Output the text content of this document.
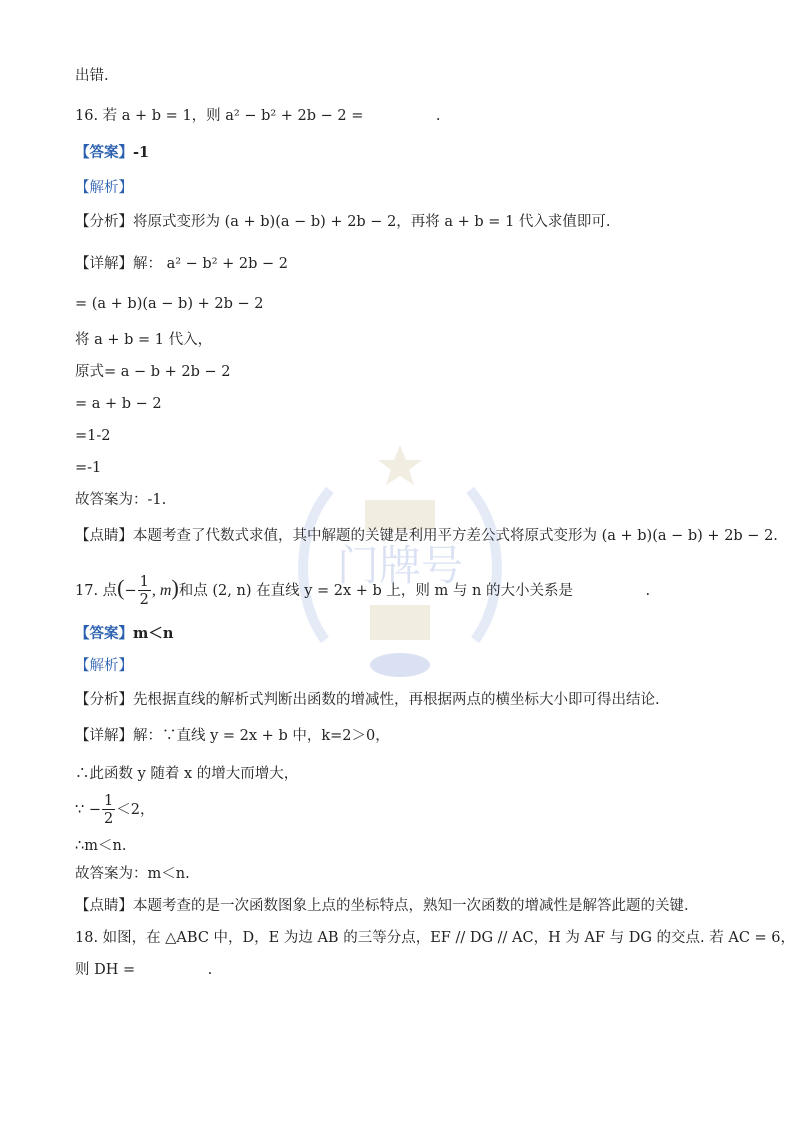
门牌号
出错.
16. 若 a + b = 1，则 a² − b² + 2b − 2 =　　　　　.
【答案】-1
【解析】
【分析】将原式变形为 (a + b)(a − b) + 2b − 2，再将 a + b = 1 代入求值即可.
【详解】解： a² − b² + 2b − 2
= (a + b)(a − b) + 2b − 2
将 a + b = 1 代入，
原式= a − b + 2b − 2
= a + b − 2
=1-2
=-1
故答案为：-1.
【点睛】本题考查了代数式求值，其中解题的关键是利用平方差公式将原式变形为 (a + b)(a − b) + 2b − 2.
17. 点(− $\frac{1}{2}$ , m)和点 (2, n) 在直线 y = 2x + b 上，则 m 与 n 的大小关系是　　　　　.
【答案】m＜n
【解析】
【分析】先根据直线的解析式判断出函数的增减性，再根据两点的横坐标大小即可得出结论.
【详解】解：∵直线 y = 2x + b 中，k=2＞0，
∴此函数 y 随着 x 的增大而增大，
∵ − $\frac{1}{2} <2$，
∴m＜n.
故答案为：m＜n.
【点睛】本题考查的是一次函数图象上点的坐标特点，熟知一次函数的增减性是解答此题的关键.
18. 如图，在 △ABC 中，D，E 为边 AB 的三等分点，EF // DG // AC，H 为 AF 与 DG 的交点. 若 AC = 6，
则 DH =　　　　　.
